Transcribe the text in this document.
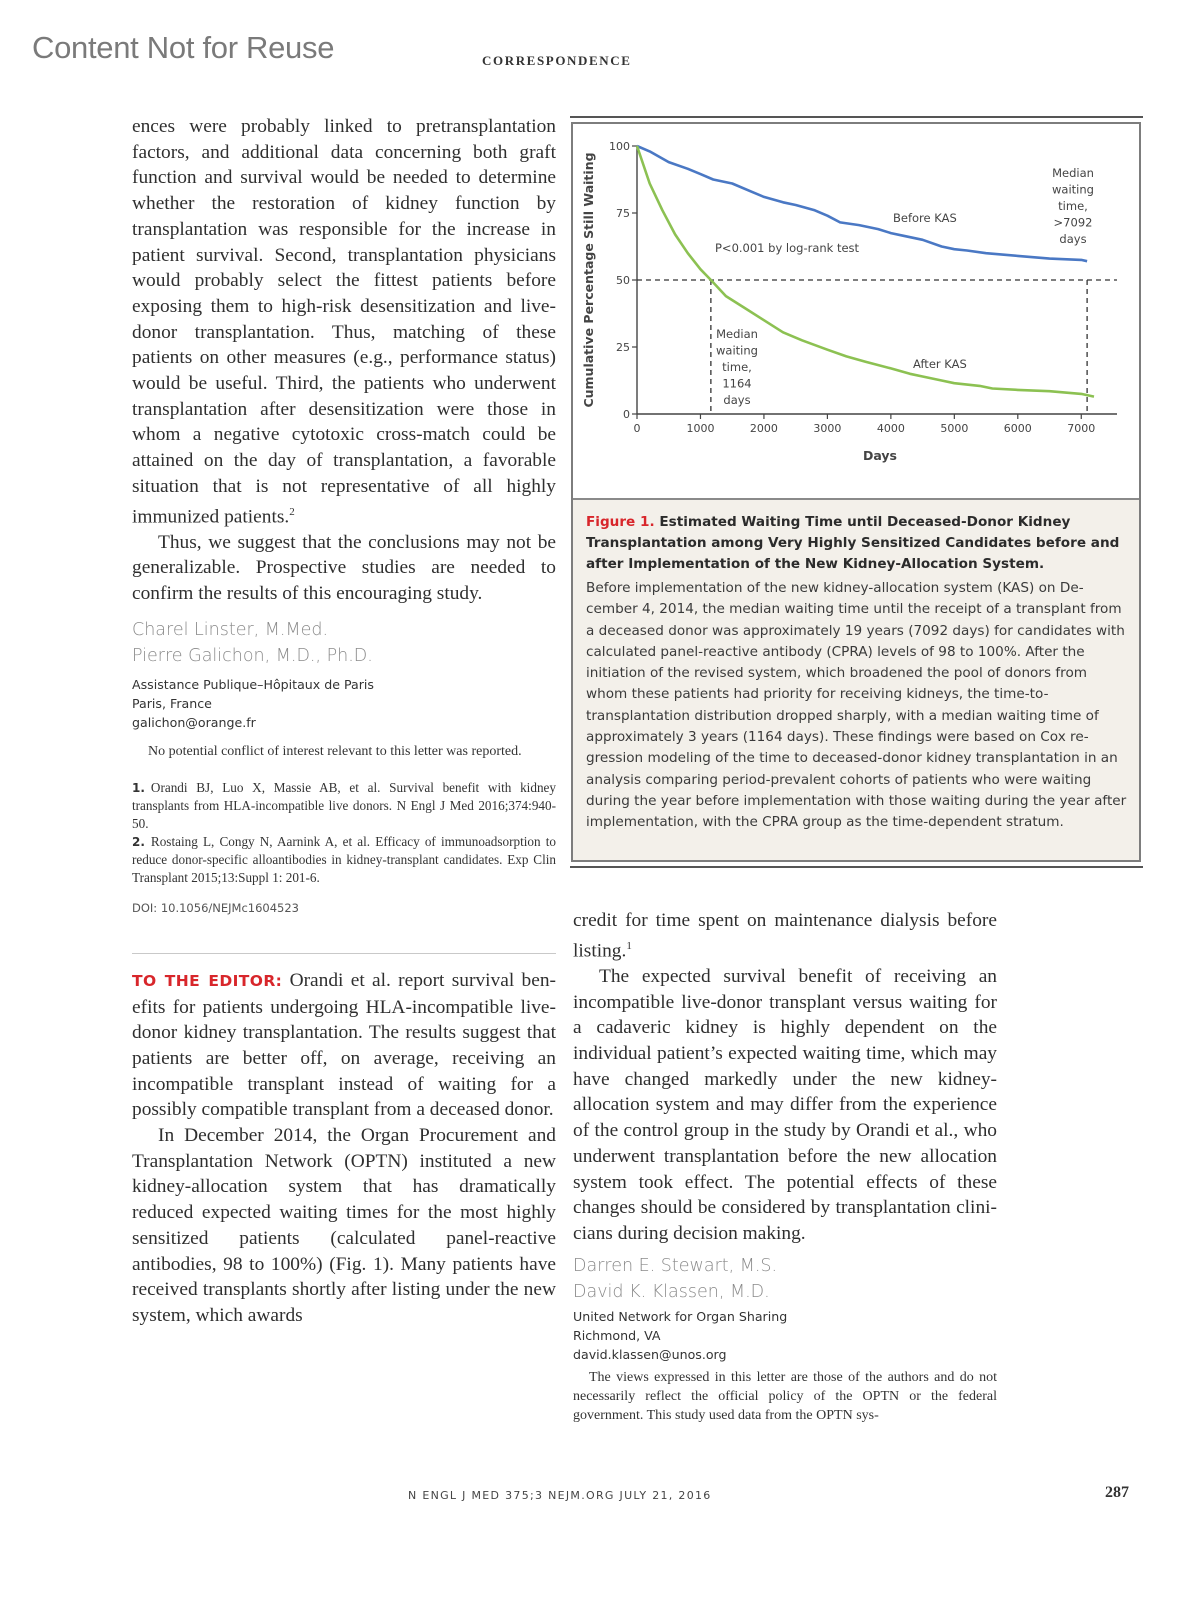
Content Not for Reuse	CORRESPONDENCE

ences were probably linked to pretransplantation factors, and additional data concerning both graft function and survival would be needed to determine whether the restoration of kidney function by transplantation was responsible for the increase in patient survival. Second, transplantation physicians would probably select the fittest patients before exposing them to high-risk desensitization and live-donor transplantation. Thus, matching of these patients on other measures (e.g., performance status) would be useful. Third, the patients who underwent transplantation after desensitization were those in whom a negative cytotoxic cross-match could be attained on the day of transplantation, a favorable situation that is not representative of all highly immunized patients.$^2$

Thus, we suggest that the conclusions may not be generalizable. Prospective studies are needed to confirm the results of this encouraging study.

Charel Linster, M.Med.
Pierre Galichon, M.D., Ph.D.
Assistance Publique–Hôpitaux de Paris
Paris, France
galichon@orange.fr

No potential conflict of interest relevant to this letter was reported.

1. Orandi BJ, Luo X, Massie AB, et al. Survival benefit with kidney transplants from HLA-incompatible live donors. N Engl J Med 2016;374:940-50.
2. Rostaing L, Congy N, Aarnink A, et al. Efficacy of immunoadsorption to reduce donor-specific alloantibodies in kidney-transplant candidates. Exp Clin Transplant 2015;13:Suppl 1: 201-6.
DOI: 10.1056/NEJMc1604523

TO THE EDITOR: Orandi et al. report survival benefits for patients undergoing HLA-incompatible live-donor kidney transplantation. The results suggest that patients are better off, on average, receiving an incompatible transplant instead of waiting for a possibly compatible transplant from a deceased donor.

In December 2014, the Organ Procurement and Transplantation Network (OPTN) instituted a new kidney-allocation system that has dramatically reduced expected waiting times for the most highly sensitized patients (calculated panel-reactive antibodies, 98 to 100%) (Fig. 1). Many patients have received transplants shortly after listing under the new system, which awards

0
25
50
75
100
0	1000	2000	3000	4000	5000	6000	7000
Days
Cumulative Percentage Still Waiting	P<0.001 by log-rank test
Before KAS
After KAS
Median
waiting
time,
1164
days
Median
waiting
time,
>7092
days
Figure 1. Estimated Waiting Time until Deceased-Donor Kidney Transplantation among Very Highly Sensitized Candidates before and after Implementation of the New Kidney-Allocation System.
Before implementation of the new kidney-allocation system (KAS) on December 4, 2014, the median waiting time until the receipt of a transplant from a deceased donor was approximately 19 years (7092 days) for candidates with calculated panel-reactive antibody (CPRA) levels of 98 to 100%. After the initiation of the revised system, which broadened the pool of donors from whom these patients had priority for receiving kidneys, the time-to-transplantation distribution dropped sharply, with a median waiting time of approximately 3 years (1164 days). These findings were based on Cox regression modeling of the time to deceased-donor kidney transplantation in an analysis comparing period-prevalent cohorts of patients who were waiting during the year before implementation with those waiting during the year after implementation, with the CPRA group as the time-dependent stratum.

credit for time spent on maintenance dialysis before listing.$^1$

The expected survival benefit of receiving an incompatible live-donor transplant versus waiting for a cadaveric kidney is highly dependent on the individual patient’s expected waiting time, which may have changed markedly under the new kidney-allocation system and may differ from the experience of the control group in the study by Orandi et al., who underwent transplantation before the new allocation system took effect. The potential effects of these changes should be considered by transplantation clinicians during decision making.

Darren E. Stewart, M.S.
David K. Klassen, M.D.
United Network for Organ Sharing
Richmond, VA
david.klassen@unos.org

The views expressed in this letter are those of the authors and do not necessarily reflect the official policy of the OPTN or the federal government. This study used data from the OPTN sys-

N ENGL J MED 375;3 NEJM.ORG JULY 21, 2016	287
